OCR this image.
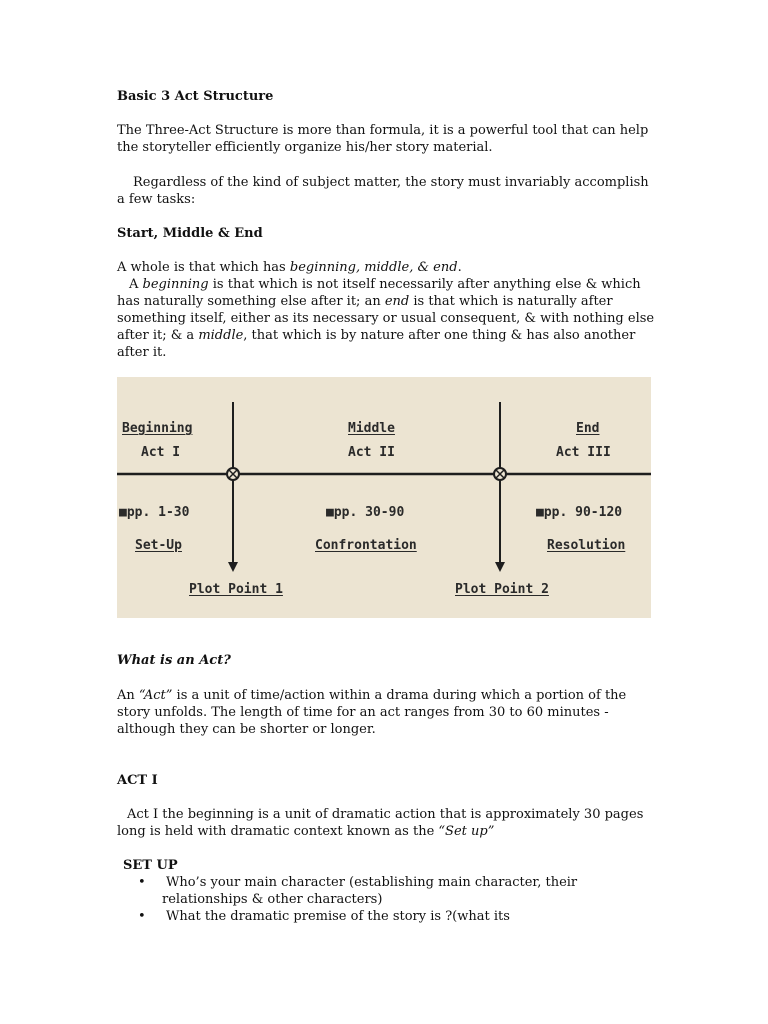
Basic 3 Act Structure

The Three-Act Structure is more than formula, it is a powerful tool that can help the storyteller efficiently organize his/her story material.

Regardless of the kind of subject matter, the story must invariably accomplish a few tasks:

Start, Middle & End

A whole is that which has beginning, middle, & end.

A beginning is that which is not itself necessarily after anything else & which has naturally something else after it; an end is that which is naturally after something itself, either as its necessary or usual consequent, & with nothing else after it; & a middle, that which is by nature after one thing & has also another after it.

Beginning
Act I
■pp. 1-30
Set-Up
Middle
Act II
■pp. 30-90
Confrontation
End
Act III
■pp. 90-120
Resolution
Plot Point 1	Plot Point 2

What is an Act?

An “Act” is a unit of time/action within a drama during which a portion of the story unfolds. The length of time for an act ranges from 30 to 60 minutes - although they can be shorter or longer.

ACT I

Act I the beginning is a unit of dramatic action that is approximately 30 pages long is held with dramatic context known as the “Set up”

SET UP

• Who’s your main character (establishing main character, their relationships & other characters)
• What the dramatic premise of the story is ?(what its
